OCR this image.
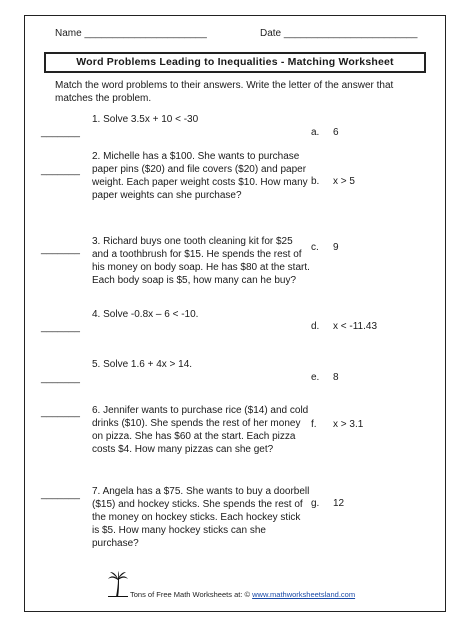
Name ______________________	Date ________________________
Word Problems Leading to Inequalities - Matching Worksheet
Match the word problems to their answers. Write the letter of the answer that matches the problem.
_______
1. Solve 3.5x + 10 < -30
a. 6
_______
2. Michelle has a $100. She wants to purchase paper pins ($20) and file covers ($20) and paper weight. Each paper weight costs $10. How many paper weights can she purchase?
b. x > 5
_______
3. Richard buys one tooth cleaning kit for $25 and a toothbrush for $15. He spends the rest of his money on body soap. He has $80 at the start. Each body soap is $5, how many can he buy?
c. 9
_______
4. Solve -0.8x – 6 < -10.
d. x < -11.43
_______
5. Solve 1.6 + 4x > 14.
e. 8
_______ 6. Jennifer wants to purchase rice ($14) and cold drinks ($10). She spends the rest of her money on pizza. She has $60 at the start. Each pizza costs $4. How many pizzas can she get?
f. x > 3.1
_______ 7. Angela has a $75. She wants to buy a doorbell ($15) and hockey sticks. She spends the rest of the money on hockey sticks. Each hockey stick is $5. How many hockey sticks can she purchase?
g. 12
Tons of Free Math Worksheets at: © www.mathworksheetsland.com
